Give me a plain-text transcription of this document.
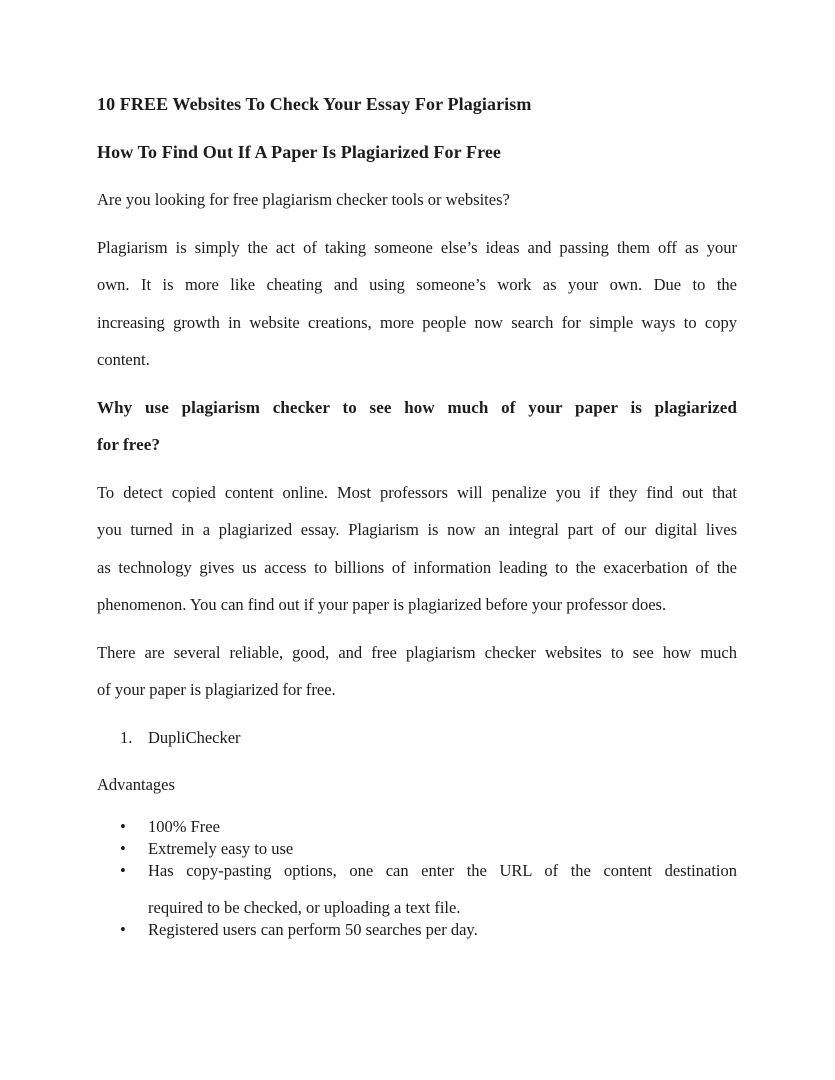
10 FREE Websites To Check Your Essay For Plagiarism
How To Find Out If A Paper Is Plagiarized For Free

Are you looking for free plagiarism checker tools or websites?

Plagiarism is simply the act of taking someone else’s ideas and passing them off as your
own. It is more like cheating and using someone’s work as your own. Due to the
increasing growth in website creations, more people now search for simple ways to copy
content.
Why use plagiarism checker to see how much of your paper is plagiarized
for free?
To detect copied content online. Most professors will penalize you if they find out that
you turned in a plagiarized essay. Plagiarism is now an integral part of our digital lives
as technology gives us access to billions of information leading to the exacerbation of the
phenomenon. You can find out if your paper is plagiarized before your professor does.
There are several reliable, good, and free plagiarism checker websites to see how much
of your paper is plagiarized for free.
1. DupliChecker

Advantages

•	100% Free
•	Extremely easy to use
•	Has copy-pasting options, one can enter the URL of the content destination
required to be checked, or uploading a text file.
•	Registered users can perform 50 searches per day.
